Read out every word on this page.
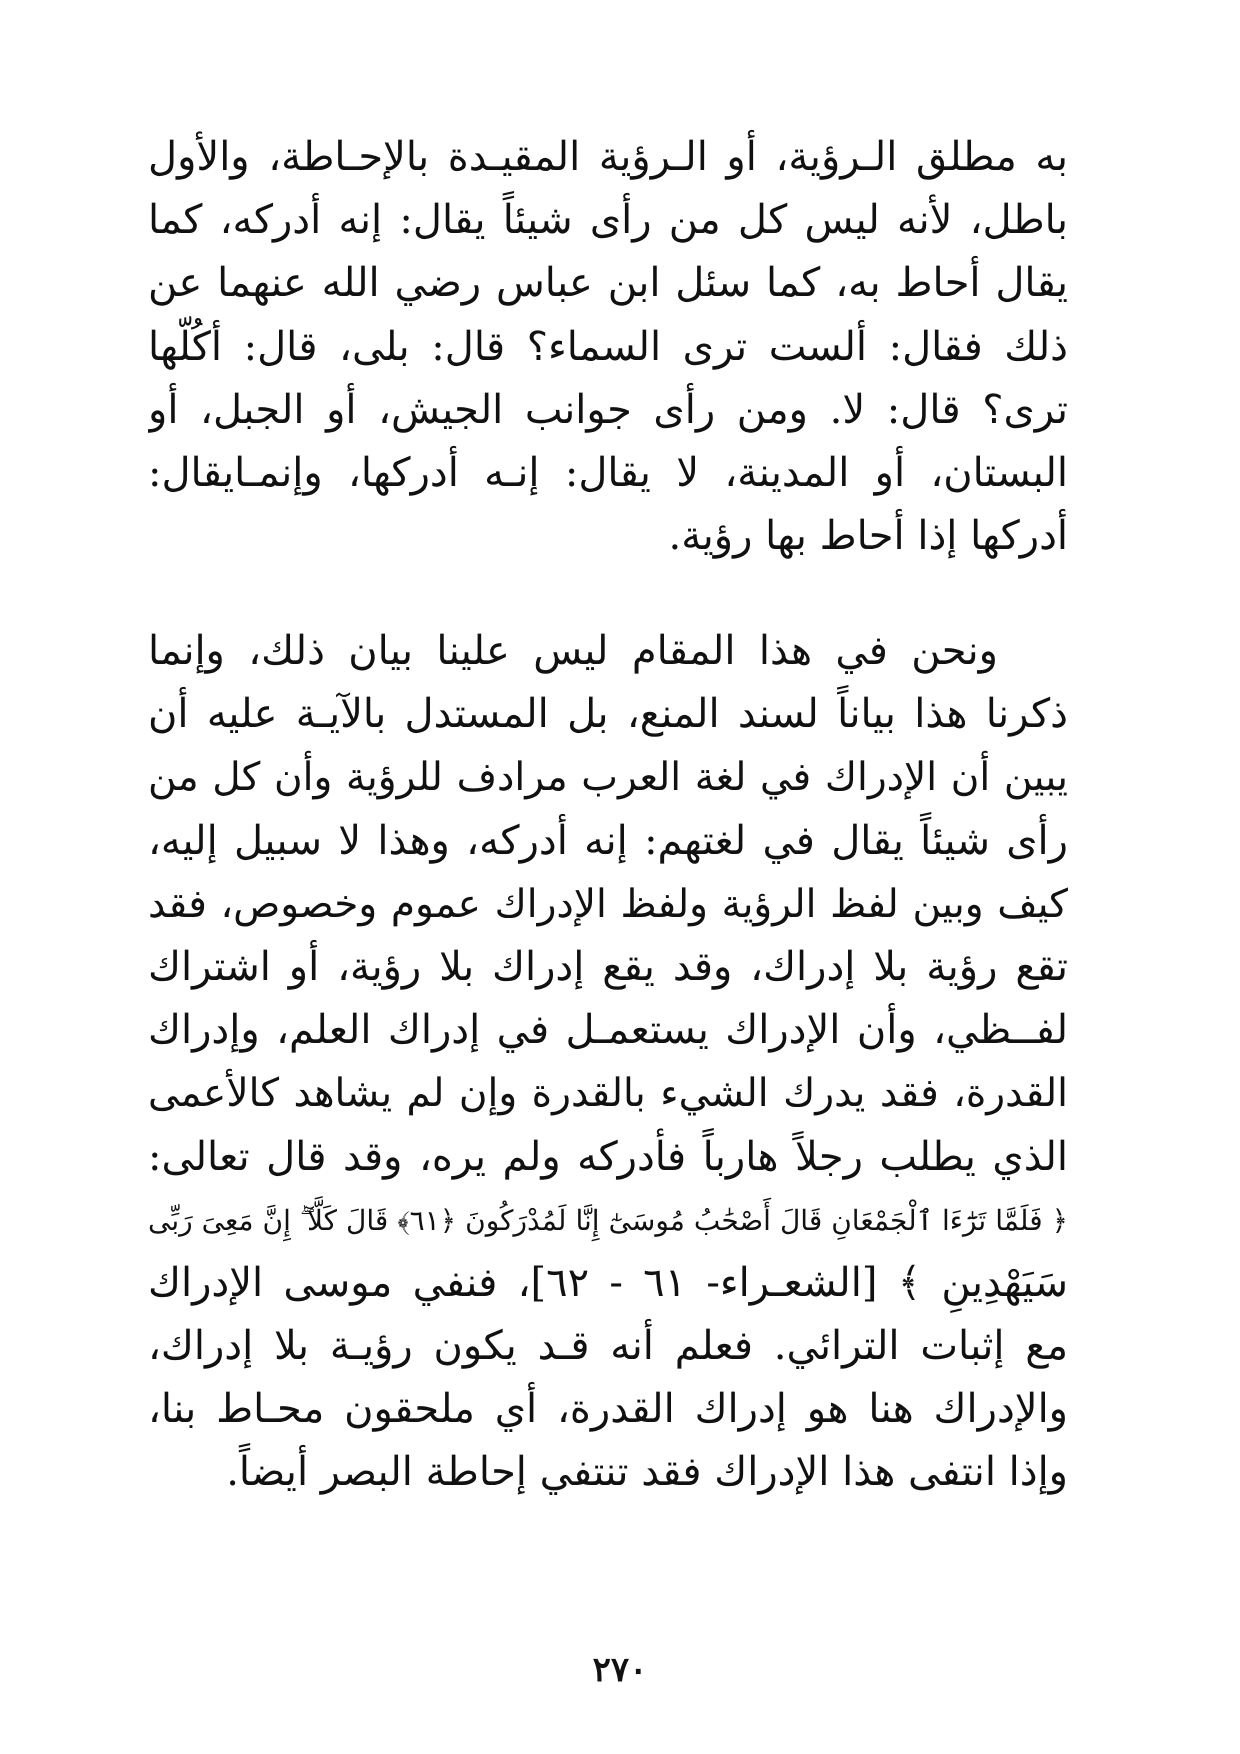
به مطلق الـرؤية، أو الـرؤية المقيـدة بالإحـاطة، والأول
باطل، لأنه ليس كل من رأى شيئاً يقال: إنه أدركه، كما
يقال أحاط به، كما سئل ابن عباس رضي الله عنهما عن
ذلك فقال: ألست ترى السماء؟ قال: بلى، قال: أكُلَّها
ترى؟ قال: لا. ومن رأى جوانب الجيش، أو الجبل، أو
البستان، أو المدينة، لا يقال: إنـه أدركها، وإنمـايقال:
أدركها إذا أحاط بها رؤية.
ونحن في هذا المقام ليس علينا بيان ذلك، وإنما
ذكرنا هذا بياناً لسند المنع، بل المستدل بالآيـة عليه أن
يبين أن الإدراك في لغة العرب مرادف للرؤية وأن كل من
رأى شيئاً يقال في لغتهم: إنه أدركه، وهذا لا سبيل إليه،
كيف وبين لفظ الرؤية ولفظ الإدراك عموم وخصوص، فقد
تقع رؤية بلا إدراك، وقد يقع إدراك بلا رؤية، أو اشتراك
لفــظي، وأن الإدراك يستعمـل في إدراك العلم، وإدراك
القدرة، فقد يدرك الشيء بالقدرة وإن لم يشاهد كالأعمى
الذي يطلب رجلاً هارباً فأدركه ولم يره، وقد قال تعالى:
﴿ فَلَمَّا تَرَٰٓءَا ٱلْجَمْعَانِ قَالَ أَصْحَٰبُ مُوسَىٰٓ إِنَّا لَمُدْرَكُونَ ﴿٦١﴾ قَالَ كَلَّآ ۖ إِنَّ مَعِىَ رَبِّى
سَيَهْدِينِ ﴾ [الشعـراء- ٦١ - ٦٢]، فنفي موسى الإدراك
مع إثبات الترائي. فعلم أنه قـد يكون رؤيـة بلا إدراك،
والإدراك هنا هو إدراك القدرة، أي ملحقون محـاط بنا،
وإذا انتفى هذا الإدراك فقد تنتفي إحاطة البصر أيضاً.
٢٧٠
